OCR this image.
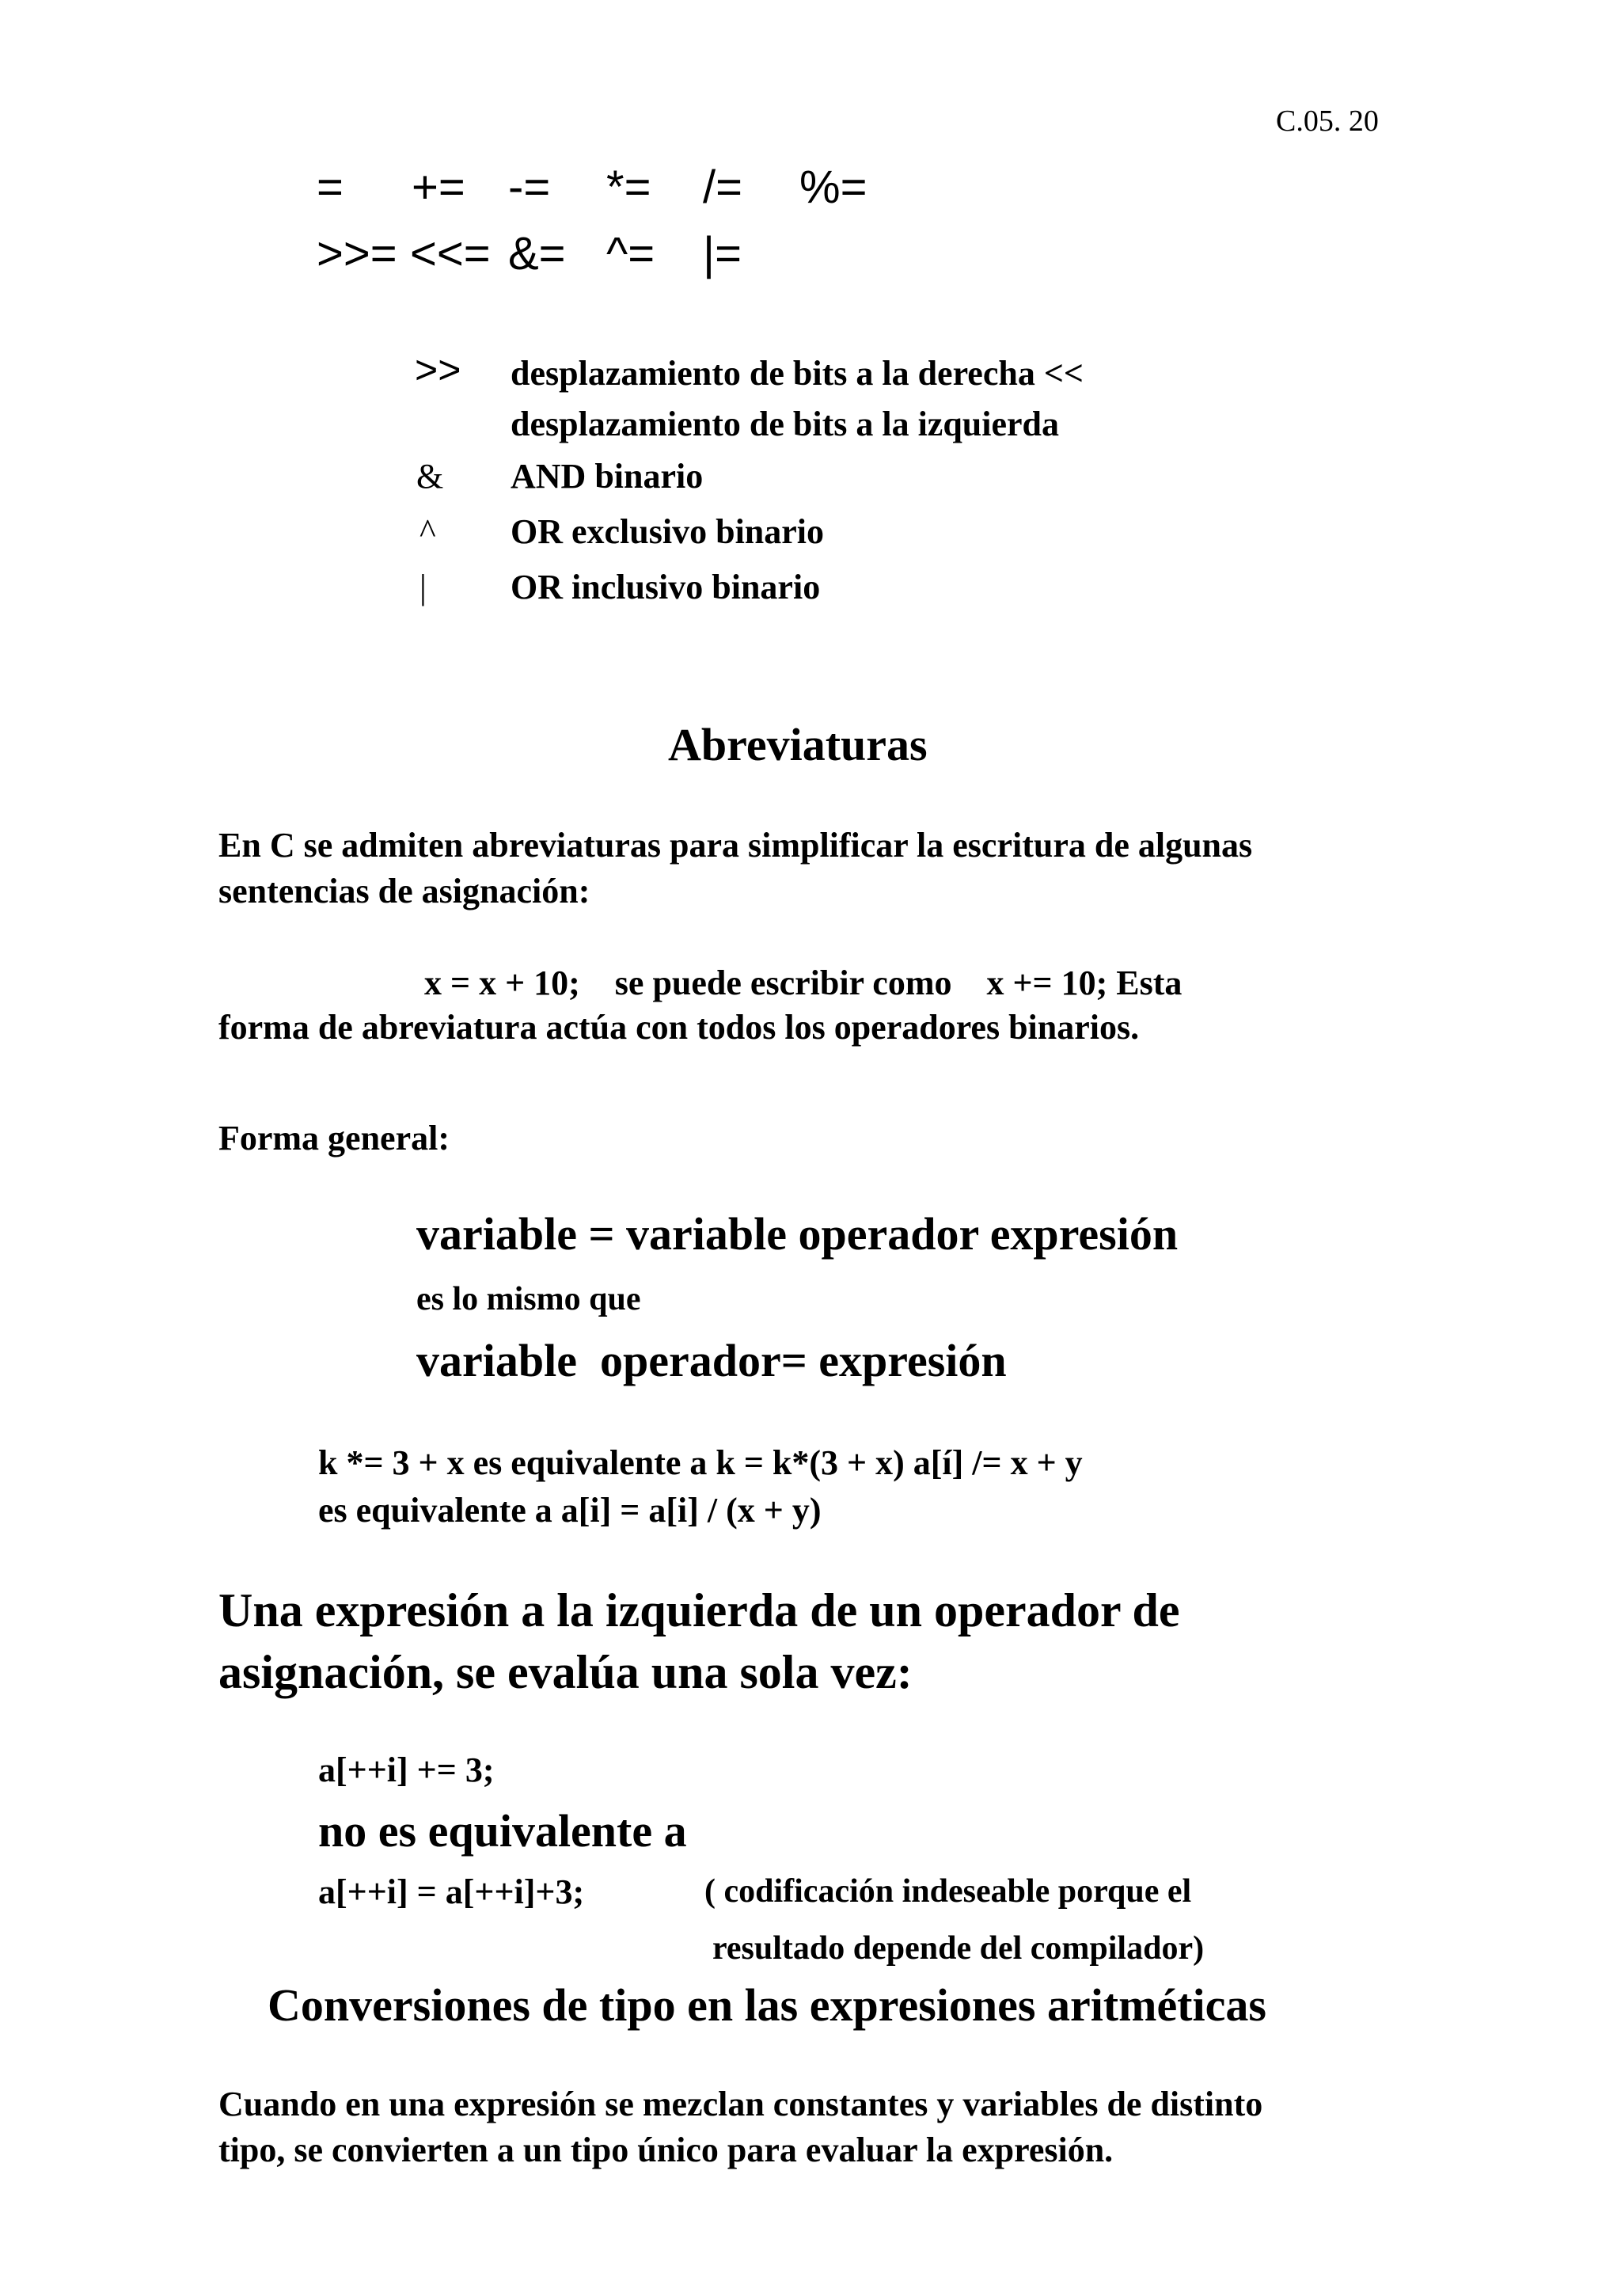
C.05. 20
= += -= *= /= %=
>>= <<= &= ^= |=
>> desplazamiento de bits a la derecha <<
desplazamiento de bits a la izquierda
& AND binario
^ OR exclusivo binario
| OR inclusivo binario
Abreviaturas
En C se admiten abreviaturas para simplificar la escritura de algunas
sentencias de asignación:
x = x + 10;    se puede escribir como    x += 10; Esta
forma de abreviatura actúa con todos los operadores binarios.
Forma general:
variable = variable operador expresión
es lo mismo que
variable  operador= expresión
k *= 3 + x es equivalente a k = k*(3 + x) a[í] /= x + y
es equivalente a a[i] = a[i] / (x + y)
Una expresión a la izquierda de un operador de
asignación, se evalúa una sola vez:
a[++i] += 3;
no es equivalente a
a[++i] = a[++i]+3;	( codificación indeseable porque el
resultado depende del compilador)
Conversiones de tipo en las expresiones aritméticas
Cuando en una expresión se mezclan constantes y variables de distinto
tipo, se convierten a un tipo único para evaluar la expresión.
